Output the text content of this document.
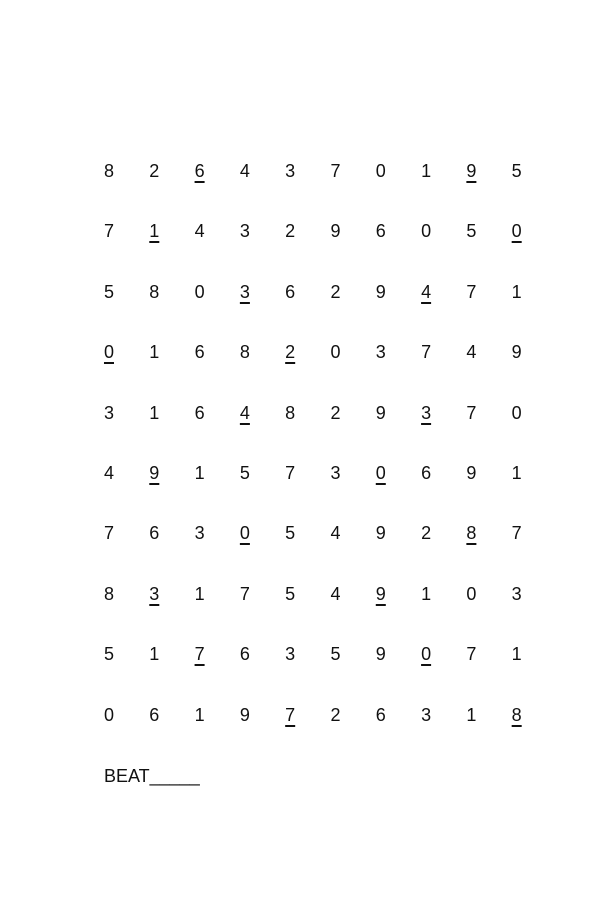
8	2	6	4	3	7	0	1	9	5
7	1	4	3	2	9	6	0	5	0
5	8	0	3	6	2	9	4	7	1
0	1	6	8	2	0	3	7	4	9
3	1	6	4	8	2	9	3	7	0
4	9	1	5	7	3	0	6	9	1
7	6	3	0	5	4	9	2	8	7
8	3	1	7	5	4	9	1	0	3
5	1	7	6	3	5	9	0	7	1
0	6	1	9	7	2	6	3	1	8
BEAT_____
